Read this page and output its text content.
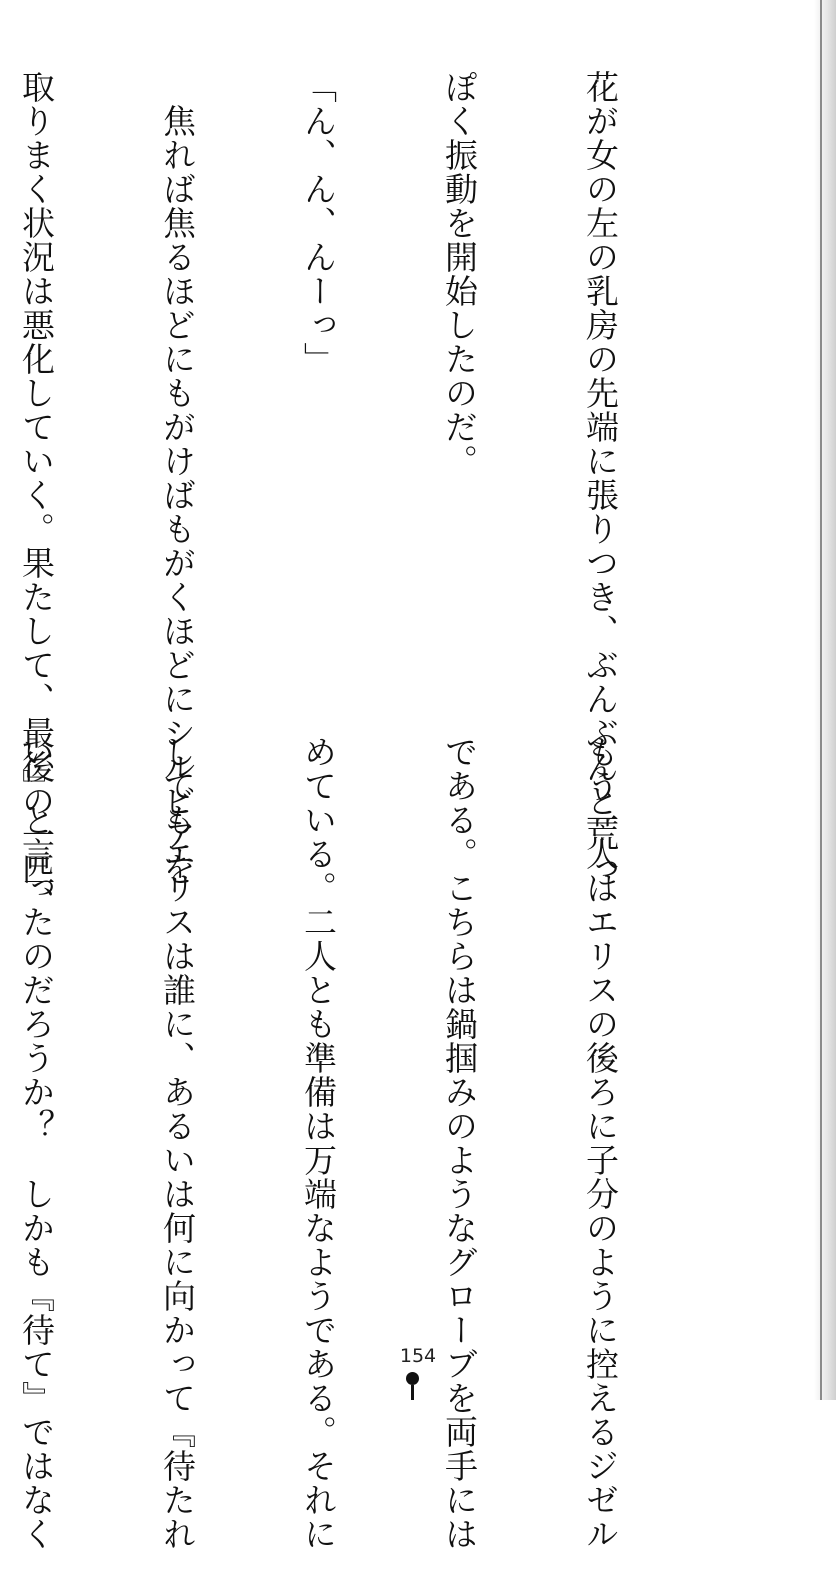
花が女の左の乳房の先端に張りつき、ぶんぶんと荒っ

ぽく振動を開始したのだ。

「ん、ん、んーっ」

　焦れば焦るほどにもがけばもがくほどにシルビアを

取りまく状況は悪化していく。果たして、最後の一匹、

もう一人はエリスの後ろに子分のように控えるジゼル

である。こちらは鍋掴みのようなグローブを両手には

めている。二人とも準備は万端なようである。それに

してもエリスは誰に、あるいは何に向かって『待たれ

い』と言ったのだろうか？　しかも『待て』ではなく

	154
